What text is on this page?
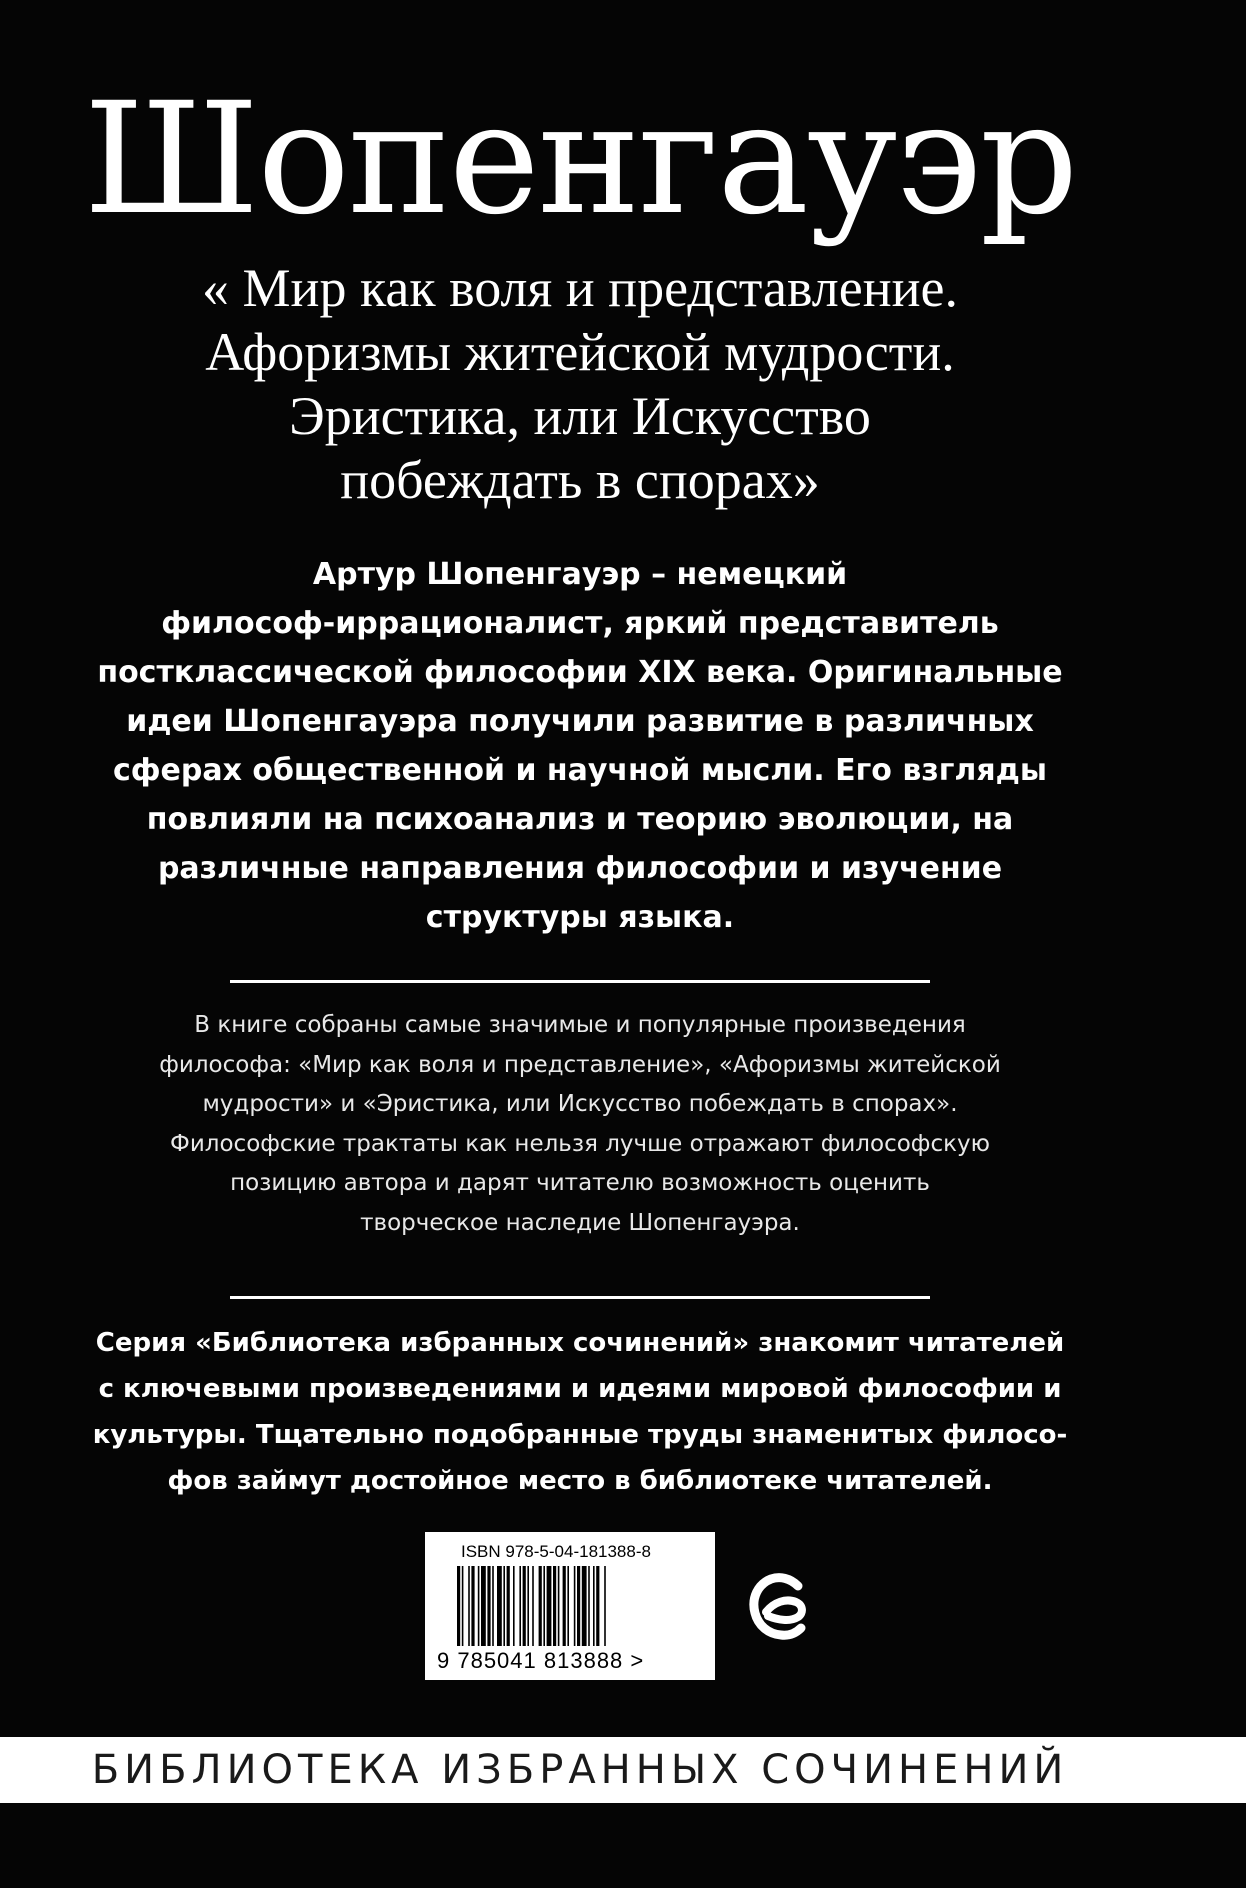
Шопенгауэр
« Мир как воля и представление.
Афоризмы житейской мудрости.
Эристика, или Искусство
побеждать в спорах»
Артур Шопенгауэр – немецкий
философ-иррационалист, яркий представитель
постклассической философии XIX века. Оригинальные
идеи Шопенгауэра получили развитие в различных
сферах общественной и научной мысли. Его взгляды
повлияли на психоанализ и теорию эволюции, на
различные направления философии и изучение
структуры языка.
В книге собраны самые значимые и популярные произведения
философа: «Мир как воля и представление», «Афоризмы житейской
мудрости» и «Эристика, или Искусство побеждать в спорах».
Философские трактаты как нельзя лучше отражают философскую
позицию автора и дарят читателю возможность оценить
творческое наследие Шопенгауэра.
Серия «Библиотека избранных сочинений» знакомит читателей
с ключевыми произведениями и идеями мировой философии и
культуры. Тщательно подобранные труды знаменитых филосо-
фов займут достойное место в библиотеке читателей.
ISBN 978-5-04-181388-8
9 785041 813888 >
БИБЛИОТЕКА ИЗБРАННЫХ СОЧИНЕНИЙ
